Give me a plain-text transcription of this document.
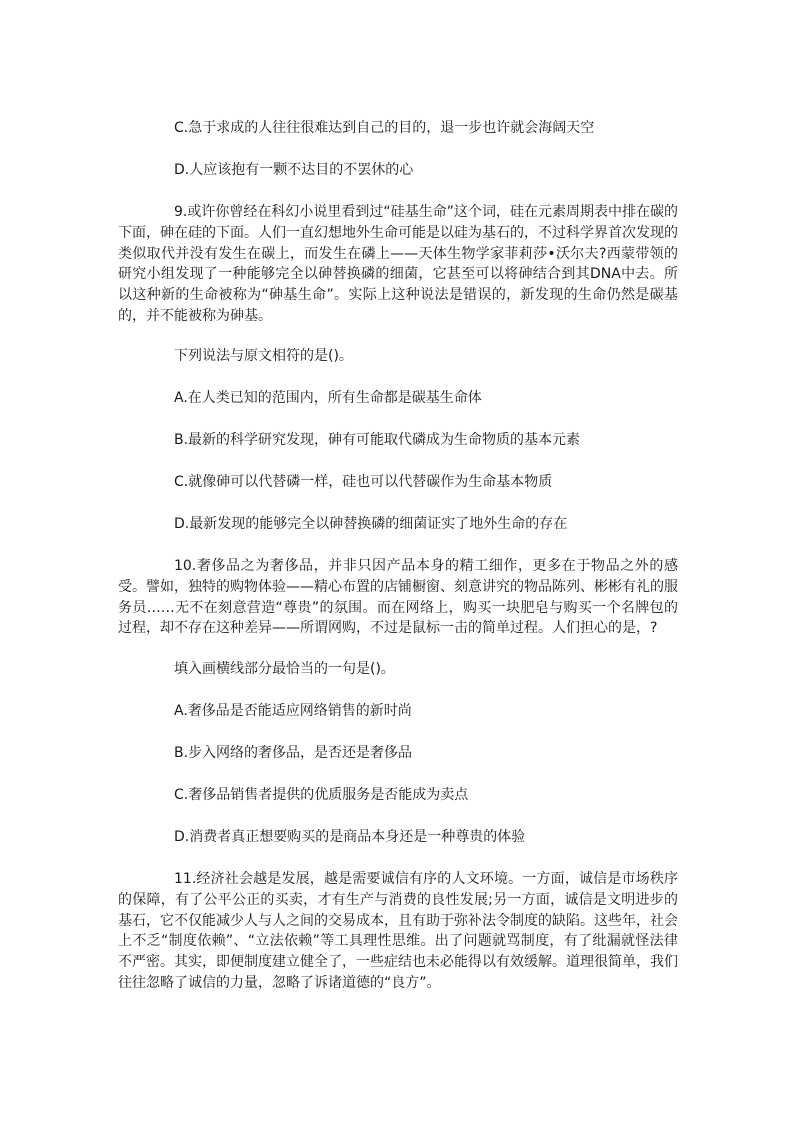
C.急于求成的人往往很难达到自己的目的，退一步也许就会海阔天空
D.人应该抱有一颗不达目的不罢休的心

9.或许你曾经在科幻小说里看到过“硅基生命”这个词，硅在元素周期表中排在碳的下面，砷在硅的下面。人们一直幻想地外生命可能是以硅为基石的，不过科学界首次发现的类似取代并没有发生在碳上，而发生在磷上——天体生物学家菲莉莎•沃尔夫?西蒙带领的研究小组发现了一种能够完全以砷替换磷的细菌，它甚至可以将砷结合到其DNA中去。所以这种新的生命被称为“砷基生命”。实际上这种说法是错误的，新发现的生命仍然是碳基的，并不能被称为砷基。

下列说法与原文相符的是()。
A.在人类已知的范围内，所有生命都是碳基生命体
B.最新的科学研究发现，砷有可能取代磷成为生命物质的基本元素
C.就像砷可以代替磷一样，硅也可以代替碳作为生命基本物质
D.最新发现的能够完全以砷替换磷的细菌证实了地外生命的存在

10.奢侈品之为奢侈品，并非只因产品本身的精工细作，更多在于物品之外的感受。譬如，独特的购物体验——精心布置的店铺橱窗、刻意讲究的物品陈列、彬彬有礼的服务员……无不在刻意营造“尊贵”的氛围。而在网络上，购买一块肥皂与购买一个名牌包的过程，却不存在这种差异——所谓网购，不过是鼠标一击的简单过程。人们担心的是，?

填入画横线部分最恰当的一句是()。
A.奢侈品是否能适应网络销售的新时尚
B.步入网络的奢侈品，是否还是奢侈品
C.奢侈品销售者提供的优质服务是否能成为卖点
D.消费者真正想要购买的是商品本身还是一种尊贵的体验

11.经济社会越是发展，越是需要诚信有序的人文环境。一方面，诚信是市场秩序的保障，有了公平公正的买卖，才有生产与消费的良性发展;另一方面，诚信是文明进步的基石，它不仅能减少人与人之间的交易成本，且有助于弥补法令制度的缺陷。这些年，社会上不乏“制度依赖”、“立法依赖”等工具理性思维。出了问题就骂制度，有了纰漏就怪法律不严密。其实，即便制度建立健全了，一些症结也未必能得以有效缓解。道理很简单，我们往往忽略了诚信的力量，忽略了诉诸道德的“良方”。
